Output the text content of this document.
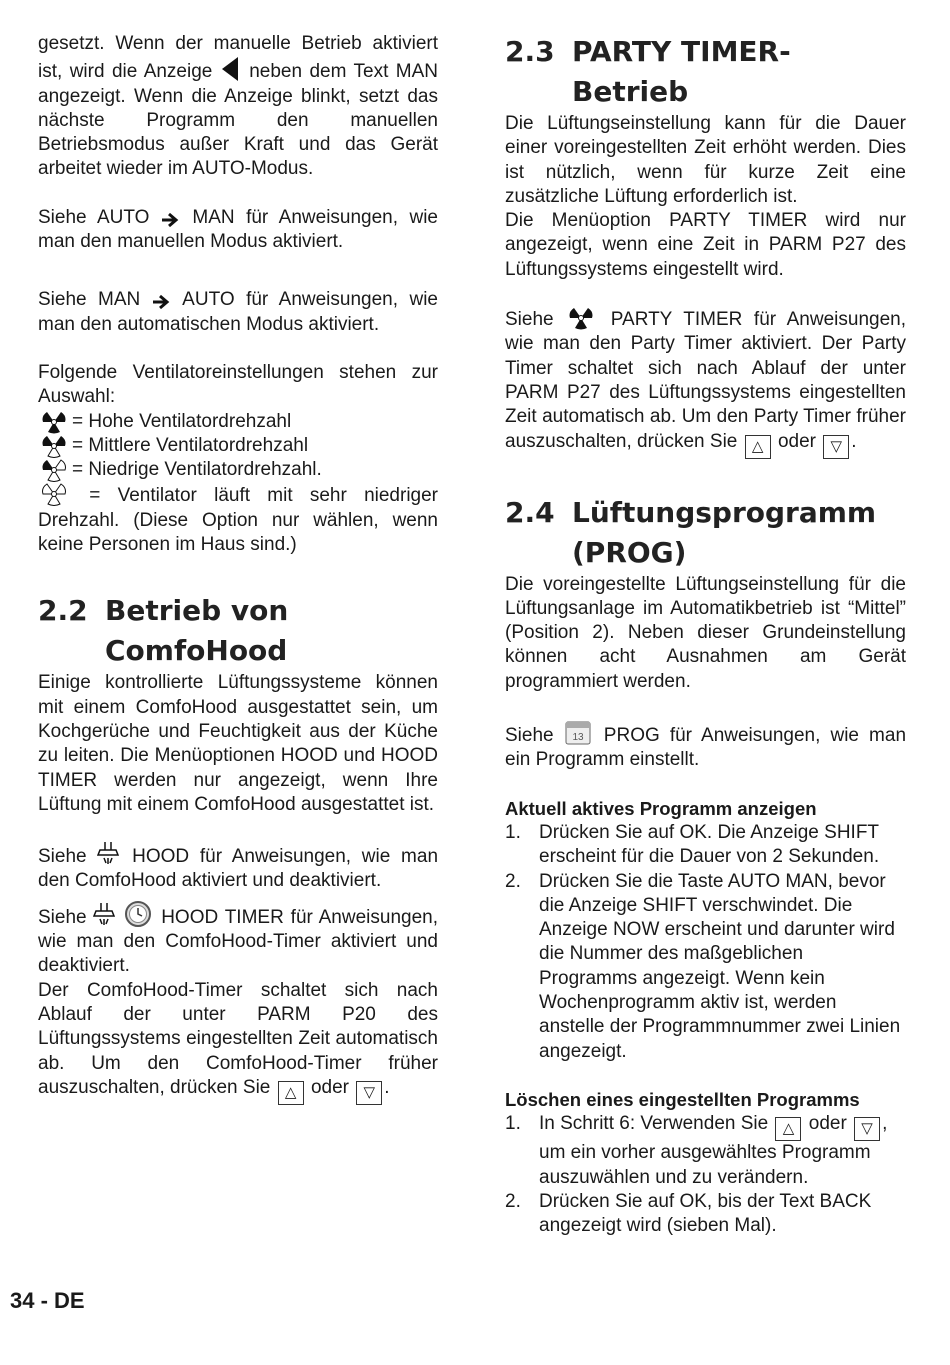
gesetzt. Wenn der manuelle Betrieb aktiviert ist, wird die Anzeige neben dem Text MAN angezeigt. Wenn die Anzeige blinkt, setzt das nächste Programm den manuellen Betriebsmodus außer Kraft und das Gerät arbeitet wieder im AUTO-Modus.

Siehe AUTO MAN für Anweisungen, wie man den manuellen Modus aktiviert.

Siehe MAN AUTO für Anweisungen, wie man den automatischen Modus aktiviert.

Folgende Ventilatoreinstellungen stehen zur Auswahl:

= Hohe Ventilatordrehzahl
= Mittlere Ventilatordrehzahl
= Niedrige Ventilatordrehzahl.

= Ventilator läuft mit sehr niedriger Drehzahl. (Diese Option nur wählen, wenn keine Personen im Haus sind.)

2.2 Betrieb von ComfoHood

Einige kontrollierte Lüftungssysteme können mit einem ComfoHood ausgestattet sein, um Kochgerüche und Feuchtigkeit aus der Küche zu leiten. Die Menüoptionen HOOD und HOOD TIMER werden nur angezeigt, wenn Ihre Lüftung mit einem ComfoHood ausgestattet ist.

Siehe HOOD für Anweisungen, wie man den ComfoHood aktiviert und deaktiviert.

Siehe	HOOD TIMER für Anweisungen, wie man den ComfoHood-Timer aktiviert und deaktiviert.

Der ComfoHood-Timer schaltet sich nach Ablauf der unter PARM P20 des Lüftungssystems eingestellten Zeit automatisch ab. Um den ComfoHood-Timer früher auszuschalten, drücken Sie △ oder ▽ .

2.3 PARTY TIMER-Betrieb

Die Lüftungseinstellung kann für die Dauer einer voreingestellten Zeit erhöht werden. Dies ist nützlich, wenn für kurze Zeit eine zusätzliche Lüftung erforderlich ist.

Die Menüoption PARTY TIMER wird nur angezeigt, wenn eine Zeit in PARM P27 des Lüftungssystems eingestellt wird.

Siehe	PARTY TIMER für Anweisungen, wie man den Party Timer aktiviert. Der Party Timer schaltet sich nach Ablauf der unter PARM P27 des Lüftungssystems eingestellten Zeit automatisch ab. Um den Party Timer früher auszuschalten, drücken Sie △ oder ▽ .

2.4 Lüftungsprogramm (PROG)

Die voreingestellte Lüftungseinstellung für die Lüftungsanlage im Automatikbetrieb ist “Mittel” (Position 2). Neben dieser Grundeinstellung können acht Ausnahmen am Gerät programmiert werden.

Siehe 13 PROG für Anweisungen, wie man ein Programm einstellt.

Aktuell aktives Programm anzeigen
1. Drücken Sie auf OK. Die Anzeige SHIFT erscheint für die Dauer von 2 Sekunden.
2. Drücken Sie die Taste AUTO MAN, bevor die Anzeige SHIFT verschwindet. Die Anzeige NOW erscheint und darunter wird die Nummer des maßgeblichen Programms angezeigt. Wenn kein Wochenprogramm aktiv ist, werden anstelle der Programmnummer zwei Linien angezeigt.
Löschen eines eingestellten Programms
1. In Schritt 6: Verwenden Sie △ oder ▽ , um ein vorher ausgewähltes Programm auszuwählen und zu verändern.
2. Drücken Sie auf OK, bis der Text BACK angezeigt wird (sieben Mal).
34 - DE
